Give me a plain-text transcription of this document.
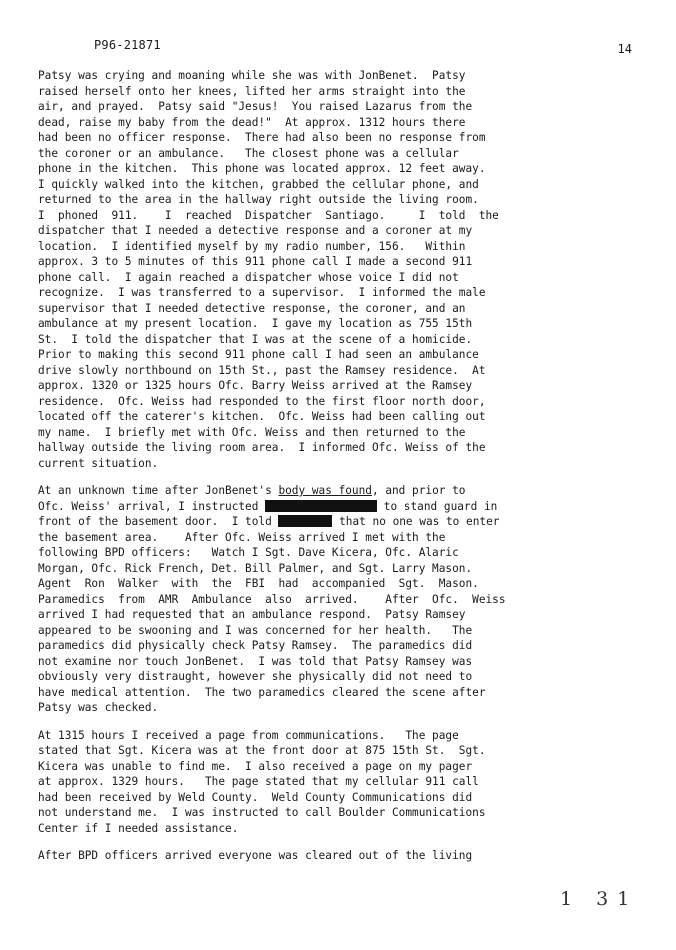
P96-21871	14
Patsy was crying and moaning while she was with JonBenet.  Patsy
raised herself onto her knees, lifted her arms straight into the
air, and prayed.  Patsy said "Jesus!  You raised Lazarus from the
dead, raise my baby from the dead!"  At approx. 1312 hours there
had been no officer response.  There had also been no response from
the coroner or an ambulance.   The closest phone was a cellular
phone in the kitchen.  This phone was located approx. 12 feet away.
I quickly walked into the kitchen, grabbed the cellular phone, and
returned to the area in the hallway right outside the living room.
I  phoned  911.    I  reached  Dispatcher  Santiago.     I  told  the
dispatcher that I needed a detective response and a coroner at my
location.  I identified myself by my radio number, 156.   Within
approx. 3 to 5 minutes of this 911 phone call I made a second 911
phone call.  I again reached a dispatcher whose voice I did not
recognize.  I was transferred to a supervisor.  I informed the male
supervisor that I needed detective response, the coroner, and an
ambulance at my present location.  I gave my location as 755 15th
St.  I told the dispatcher that I was at the scene of a homicide.
Prior to making this second 911 phone call I had seen an ambulance
drive slowly northbound on 15th St., past the Ramsey residence.  At
approx. 1320 or 1325 hours Ofc. Barry Weiss arrived at the Ramsey
residence.  Ofc. Weiss had responded to the first floor north door,
located off the caterer's kitchen.  Ofc. Weiss had been calling out
my name.  I briefly met with Ofc. Weiss and then returned to the
hallway outside the living room area.  I informed Ofc. Weiss of the
current situation.
At an unknown time after JonBenet's body was found, and prior to
Ofc. Weiss' arrival, I instructed	to stand guard in
front of the basement door.  I told	that no one was to enter
the basement area.    After Ofc. Weiss arrived I met with the
following BPD officers:   Watch I Sgt. Dave Kicera, Ofc. Alaric
Morgan, Ofc. Rick French, Det. Bill Palmer, and Sgt. Larry Mason.
Agent  Ron  Walker  with  the  FBI  had  accompanied  Sgt.  Mason.
Paramedics  from  AMR  Ambulance  also  arrived.    After  Ofc.  Weiss
arrived I had requested that an ambulance respond.  Patsy Ramsey
appeared to be swooning and I was concerned for her health.   The
paramedics did physically check Patsy Ramsey.  The paramedics did
not examine nor touch JonBenet.  I was told that Patsy Ramsey was
obviously very distraught, however she physically did not need to
have medical attention.  The two paramedics cleared the scene after
Patsy was checked.
At 1315 hours I received a page from communications.   The page
stated that Sgt. Kicera was at the front door at 875 15th St.  Sgt.
Kicera was unable to find me.  I also received a page on my pager
at approx. 1329 hours.   The page stated that my cellular 911 call
had been received by Weld County.  Weld County Communications did
not understand me.  I was instructed to call Boulder Communications
Center if I needed assistance.
After BPD officers arrived everyone was cleared out of the living
1 31
